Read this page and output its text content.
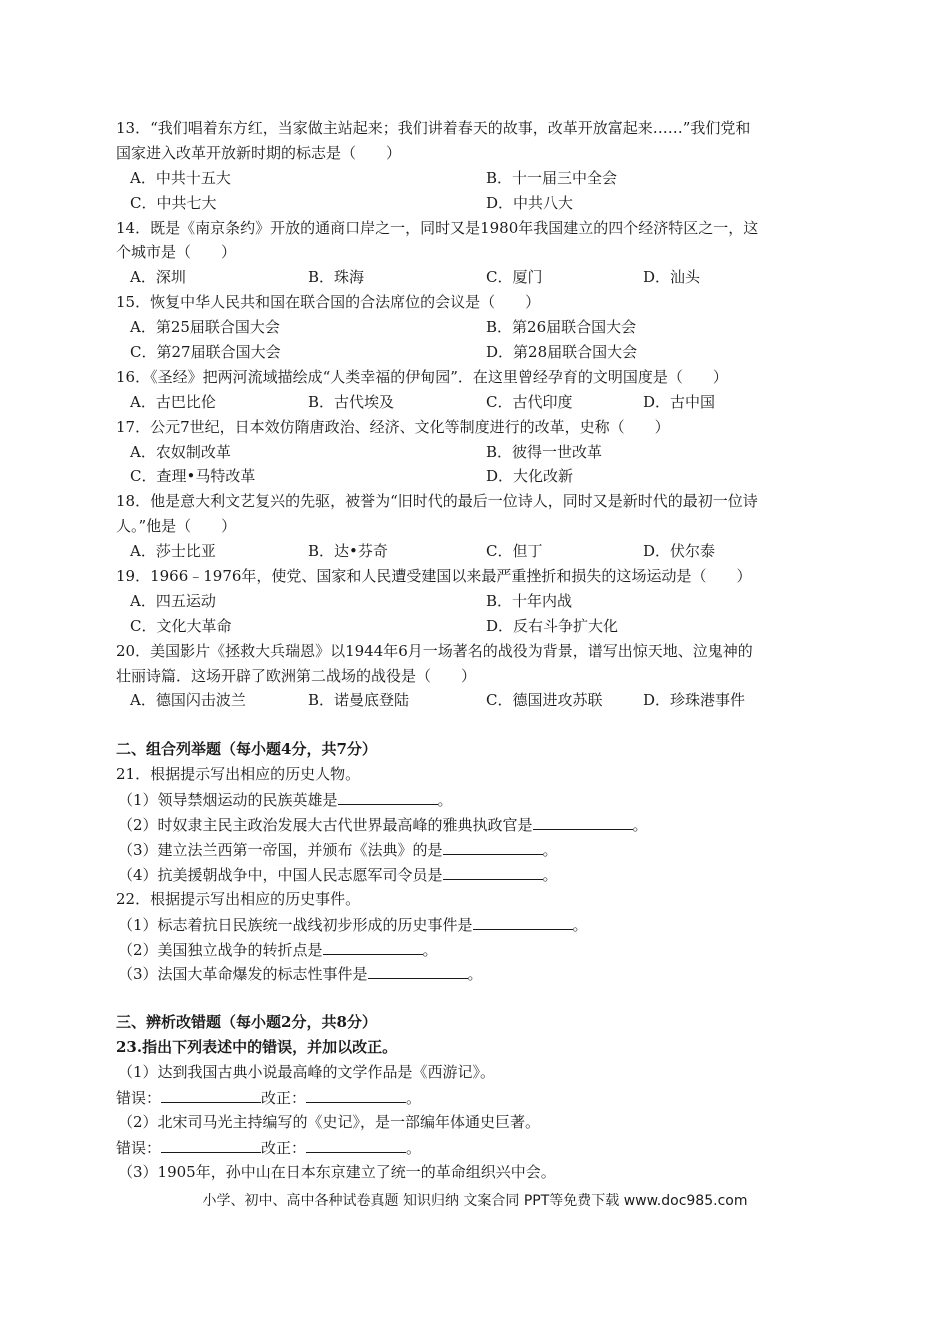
13．“我们唱着东方红，当家做主站起来；我们讲着春天的故事，改革开放富起来……”我们党和
国家进入改革开放新时期的标志是（　　）
A．中共十五大	B．十一届三中全会
C．中共七大	D．中共八大
14．既是《南京条约》开放的通商口岸之一，同时又是1980年我国建立的四个经济特区之一，这
个城市是（　　）
A．深圳	B．珠海	C．厦门	D．汕头
15．恢复中华人民共和国在联合国的合法席位的会议是（　　）
A．第25届联合国大会	B．第26届联合国大会
C．第27届联合国大会	D．第28届联合国大会
16．《圣经》把两河流域描绘成“人类幸福的伊甸园”．在这里曾经孕育的文明国度是（　　）
A．古巴比伦	B．古代埃及	C．古代印度	D．古中国
17．公元7世纪，日本效仿隋唐政治、经济、文化等制度进行的改革，史称（　　）
A．农奴制改革	B．彼得一世改革
C．查理•马特改革	D．大化改新
18．他是意大利文艺复兴的先驱，被誉为“旧时代的最后一位诗人，同时又是新时代的最初一位诗
人。”他是（　　）
A．莎士比亚	B．达•芬奇	C．但丁	D．伏尔泰
19．1966﹣1976年，使党、国家和人民遭受建国以来最严重挫折和损失的这场运动是（　　）
A．四五运动	B．十年内战
C．文化大革命	D．反右斗争扩大化
20．美国影片《拯救大兵瑞恩》以1944年6月一场著名的战役为背景，谱写出惊天地、泣鬼神的
壮丽诗篇．这场开辟了欧洲第二战场的战役是（　　）
A．德国闪击波兰	B．诺曼底登陆	C．德国进攻苏联	D．珍珠港事件
二、组合列举题（每小题4分，共7分）
21．根据提示写出相应的历史人物。
（1）领导禁烟运动的民族英雄是	。
（2）时奴隶主民主政治发展大古代世界最高峰的雅典执政官是	。
（3）建立法兰西第一帝国，并颁布《法典》的是	。
（4）抗美援朝战争中，中国人民志愿军司令员是	。
22．根据提示写出相应的历史事件。
（1）标志着抗日民族统一战线初步形成的历史事件是	。
（2）美国独立战争的转折点是	。
（3）法国大革命爆发的标志性事件是	。
三、辨析改错题（每小题2分，共8分）
23.指出下列表述中的错误，并加以改正。
（1）达到我国古典小说最高峰的文学作品是《西游记》。
错误：	改正：	。
（2）北宋司马光主持编写的《史记》，是一部编年体通史巨著。
错误：	改正：	。
（3）1905年，孙中山在日本东京建立了统一的革命组织兴中会。
小学、初中、高中各种试卷真题 知识归纳 文案合同 PPT等免费下载 www.doc985.com
